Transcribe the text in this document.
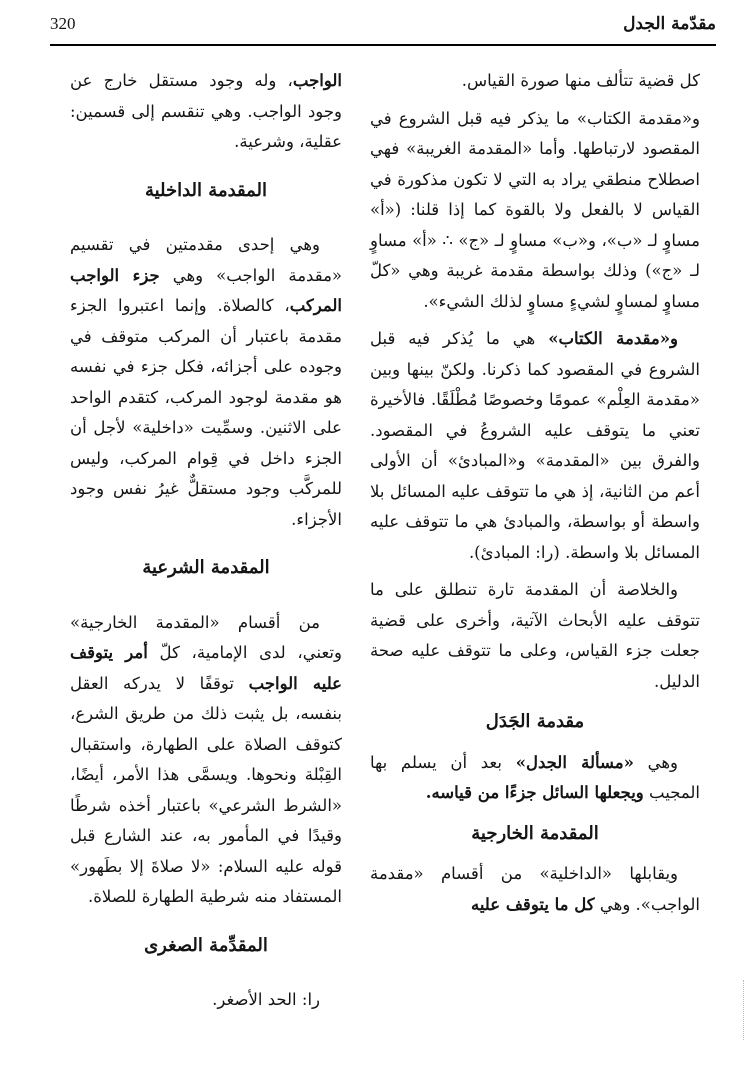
320	مقدّمة الجدل

كل قضية تتألف منها صورة القياس.

و«مقدمة الكتاب» ما يذكر فيه قبل الشروع في المقصود لارتباطها. وأما «المقدمة الغريبة» فهي اصطلاح منطقي يراد به التي لا تكون مذكورة في القياس لا بالفعل ولا بالقوة كما إذا قلنا: («أ» مساوٍ لـ «ب»، و«ب» مساوٍ لـ «ج» ∴ «أ» مساوٍ لـ «ج») وذلك بواسطة مقدمة غريبة وهي «كلّ مساوٍ لمساوٍ لشيءٍ مساوٍ لذلك الشيء».

و«مقدمة الكتاب» هي ما يُذكر فيه قبل الشروع في المقصود كما ذكرنا. ولكنّ بينها وبين «مقدمة العِلْم» عمومًا وخصوصًا مُطْلَقًا. فالأخيرة تعني ما يتوقف عليه الشروعُ في المقصود. والفرق بين «المقدمة» و«المبادئ» أن الأولى أعم من الثانية، إذ هي ما تتوقف عليه المسائل بلا واسطة أو بواسطة، والمبادئ هي ما تتوقف عليه المسائل بلا واسطة. (را: المبادئ).

والخلاصة أن المقدمة تارة تنطلق على ما تتوقف عليه الأبحاث الآتية، وأخرى على قضية جعلت جزء القياس، وعلى ما تتوقف عليه صحة الدليل.

مقدمة الجَدَل

وهي «مسألة الجدل» بعد أن يسلم بها المجيب ويجعلها السائل جزءًا من قياسه.

المقدمة الخارجية

ويقابلها «الداخلية» من أقسام «مقدمة الواجب». وهي كل ما يتوقف عليه

الواجب، وله وجود مستقل خارج عن وجود الواجب. وهي تنقسم إلى قسمين: عقلية، وشرعية.

المقدمة الداخلية

وهي إحدى مقدمتين في تقسيم «مقدمة الواجب» وهي جزء الواجب المركب، كالصلاة. وإنما اعتبروا الجزء مقدمة باعتبار أن المركب متوقف في وجوده على أجزائه، فكل جزء في نفسه هو مقدمة لوجود المركب، كتقدم الواحد على الاثنين. وسمِّيت «داخلية» لأجل أن الجزء داخل في قِوام المركب، وليس للمركَّب وجود مستقلٌّ غيرُ نفس وجود الأجزاء.

المقدمة الشرعية

من أقسام «المقدمة الخارجية» وتعني، لدى الإمامية، كلّ أمر يتوقف عليه الواجب توقفًا لا يدركه العقل بنفسه، بل يثبت ذلك من طريق الشرع، كتوقف الصلاة على الطهارة، واستقبال القِبْلة ونحوها. ويسمَّى هذا الأمر، أيضًا، «الشرط الشرعي» باعتبار أخذه شرطًا وقيدًا في المأمور به، عند الشارع قبل قوله عليه السلام: «لا صلاةَ إلا بطَهور» المستفاد منه شرطية الطهارة للصلاة.

المقدِّمة الصغرى

را: الحد الأصغر.
